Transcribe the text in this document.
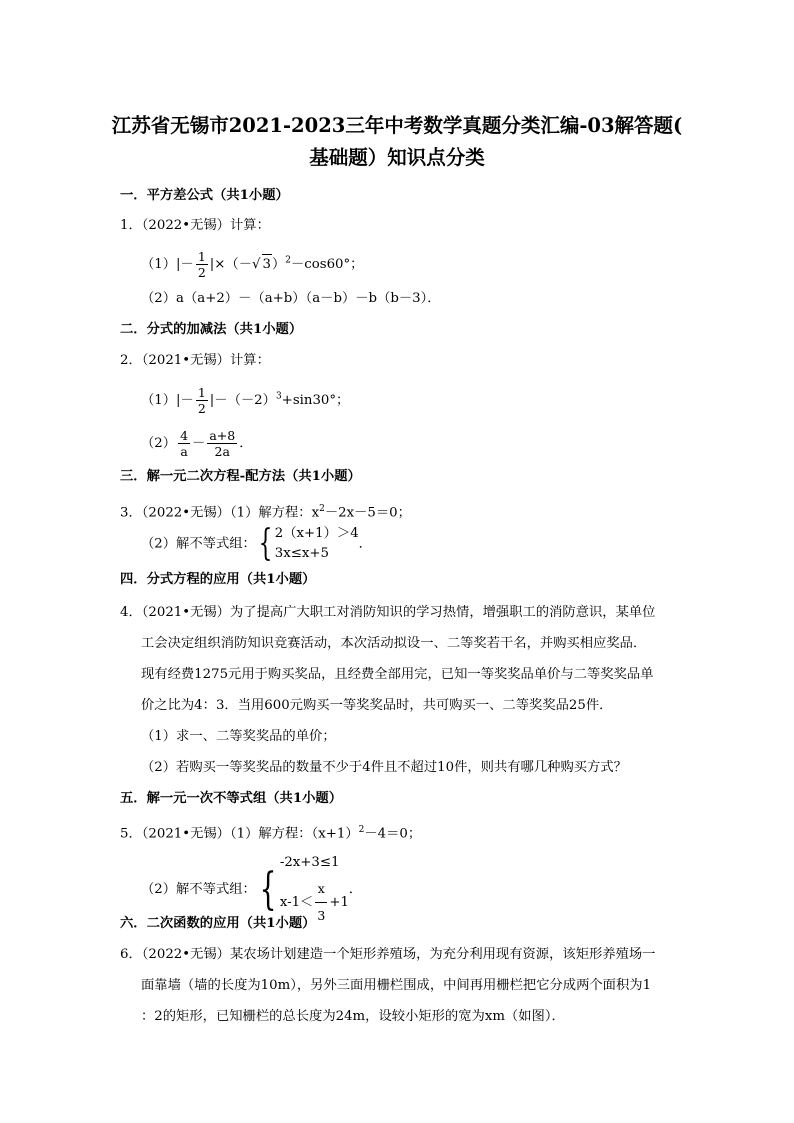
江苏省无锡市2021-2023三年中考数学真题分类汇编-03解答题(
基础题）知识点分类
一．平方差公式（共1小题）
1．（2022•无锡）计算：
$(1)|- \frac{1}{2}$ |×（－√ 3）$^2$－cos60°；
（2）a（a+2）－（a+b）（a－b）－b（b－3）．
二．分式的加减法（共1小题）
2．（2021•无锡）计算：
$(1)|- \frac{1}{2} |-(-2)^3+\sin 30^\circ$；
$(2) \frac{4}{a} - \frac{a+8}{2a}$ ．
三．解一元二次方程-配方法（共1小题）
3．（2022•无锡）（1）解方程：$x^2-2x-5=0$；
（2）解不等式组： { 2（x+1）＞4
3x≤x+5
．
四．分式方程的应用（共1小题）
4．（2021•无锡）为了提高广大职工对消防知识的学习热情，增强职工的消防意识，某单位
工会决定组织消防知识竞赛活动，本次活动拟设一、二等奖若干名，并购买相应奖品．
现有经费1275元用于购买奖品，且经费全部用完，已知一等奖奖品单价与二等奖奖品单
价之比为4：3．当用600元购买一等奖奖品时，共可购买一、二等奖奖品25件．
（1）求一、二等奖奖品的单价；
（2）若购买一等奖奖品的数量不少于4件且不超过10件，则共有哪几种购买方式？
五．解一元一次不等式组（共1小题）
5．（2021•无锡）（1）解方程：$(x+1)^2-4=0$；
（2）解不等式组： {
-2x+3≤1
$x-1< \frac{x}{3} +1$
．
六．二次函数的应用（共1小题）
6．（2022•无锡）某农场计划建造一个矩形养殖场，为充分利用现有资源，该矩形养殖场一
面靠墙（墙的长度为10m），另外三面用栅栏围成，中间再用栅栏把它分成两个面积为1
：2的矩形，已知栅栏的总长度为24m，设较小矩形的宽为xm（如图）．
